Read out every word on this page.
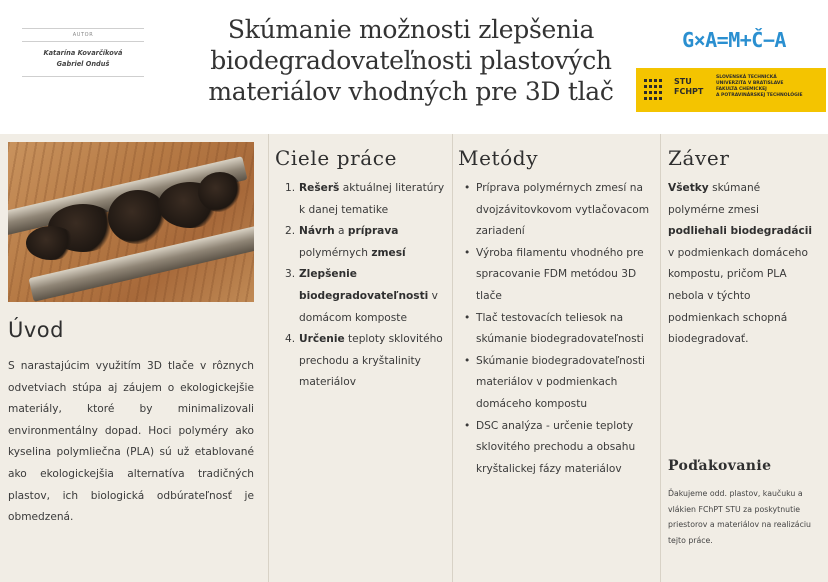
AUTOR
Katarína Kovarčíková
Gabriel Onduš
Skúmanie možnosti zlepšenia
biodegradovateľnosti plastových
materiálov vhodných pre 3D tlač
G×A=M+Č−A
STU
FCHPT
SLOVENSKÁ TECHNICKÁ
UNIVERZITA V BRATISLAVE
FAKULTA CHEMICKEJ
A POTRAVINÁRSKEJ TECHNOLÓGIE
Úvod
S narastajúcim využitím 3D tlače v rôznych odvetviach stúpa aj záujem o ekologickejšie materiály, ktoré by minimalizovali environmentálny dopad. Hoci polyméry ako kyselina polymliečna (PLA) sú už etablované ako ekologickejšia alternatíva tradičných plastov, ich biologická odbúrateľnosť je obmedzená.
Ciele práce
1. Rešerš aktuálnej literatúry k danej tematike
2. Návrh a príprava polymérnych zmesí
3. Zlepšenie biodegradovateľnosti v domácom komposte
4. Určenie teploty sklovitého prechodu a kryštalinity materiálov
Metódy
• Príprava polymérnych zmesí na dvojzávitovkovom vytlačovacom zariadení
• Výroba filamentu vhodného pre spracovanie FDM metódou 3D tlače
• Tlač testovacích teliesok na skúmanie biodegradovateľnosti
• Skúmanie biodegradovateľnosti materiálov v podmienkach domáceho kompostu
• DSC analýza - určenie teploty sklovitého prechodu a obsahu kryštalickej fázy materiálov
Záver
Všetky skúmané polymérne zmesi podliehali biodegradácii v podmienkach domáceho kompostu, pričom PLA nebola v týchto podmienkach schopná biodegradovať.
Poďakovanie
Ďakujeme odd. plastov, kaučuku a vlákien FChPT STU za poskytnutie priestorov a materiálov na realizáciu tejto práce.
